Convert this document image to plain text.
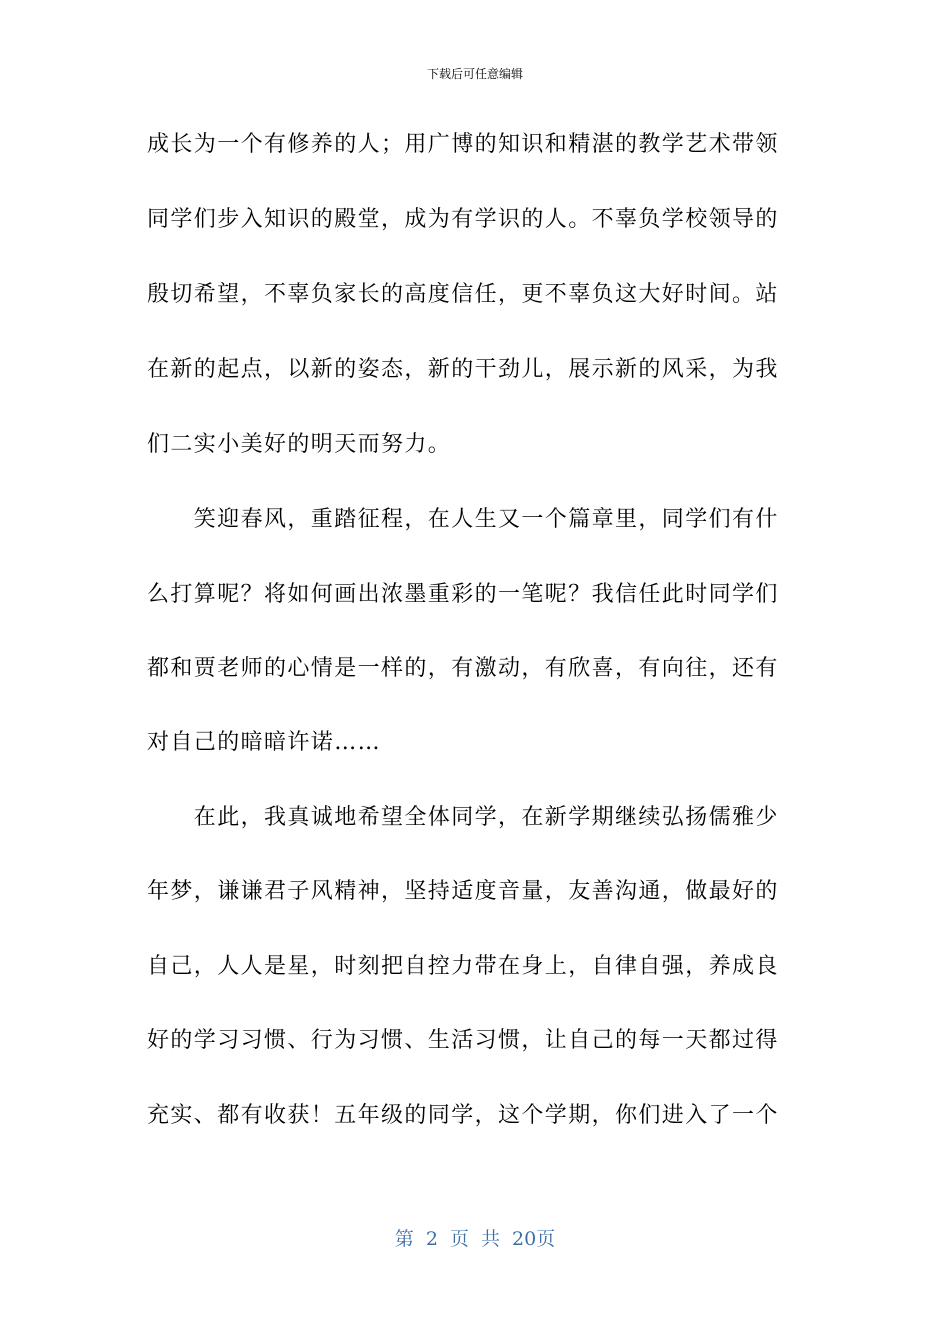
下载后可任意编辑
成长为一个有修养的人；用广博的知识和精湛的教学艺术带领
同学们步入知识的殿堂，成为有学识的人。不辜负学校领导的
殷切希望，不辜负家长的高度信任，更不辜负这大好时间。站
在新的起点，以新的姿态，新的干劲儿，展示新的风采，为我
们二实小美好的明天而努力。
　　笑迎春风，重踏征程，在人生又一个篇章里，同学们有什
么打算呢？将如何画出浓墨重彩的一笔呢？我信任此时同学们
都和贾老师的心情是一样的，有激动，有欣喜，有向往，还有
对自己的暗暗许诺……
　　在此，我真诚地希望全体同学，在新学期继续弘扬儒雅少
年梦，谦谦君子风精神，坚持适度音量，友善沟通，做最好的
自己，人人是星，时刻把自控力带在身上，自律自强，养成良
好的学习习惯、行为习惯、生活习惯，让自己的每一天都过得
充实、都有收获！五年级的同学，这个学期，你们进入了一个
第 2 页 共 20页
